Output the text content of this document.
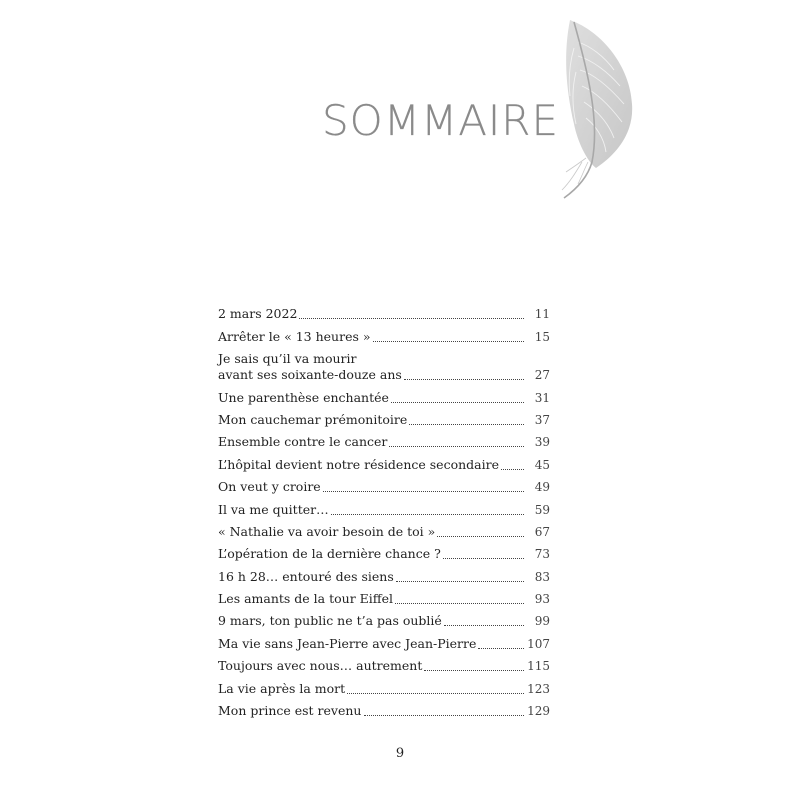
SOMMAIRE
2 mars 2022	11
Arrêter le « 13 heures »	15
Je sais qu’il va mourir
avant ses soixante-douze ans	27
Une parenthèse enchantée	31
Mon cauchemar prémonitoire	37
Ensemble contre le cancer	39
L’hôpital devient notre résidence secondaire	45
On veut y croire	49
Il va me quitter…	59
« Nathalie va avoir besoin de toi »	67
L’opération de la dernière chance ?	73
16 h 28… entouré des siens	83
Les amants de la tour Eiffel	93
9 mars, ton public ne t’a pas oublié	99
Ma vie sans Jean-Pierre avec Jean-Pierre	107
Toujours avec nous… autrement	115
La vie après la mort	123
Mon prince est revenu	129
9
